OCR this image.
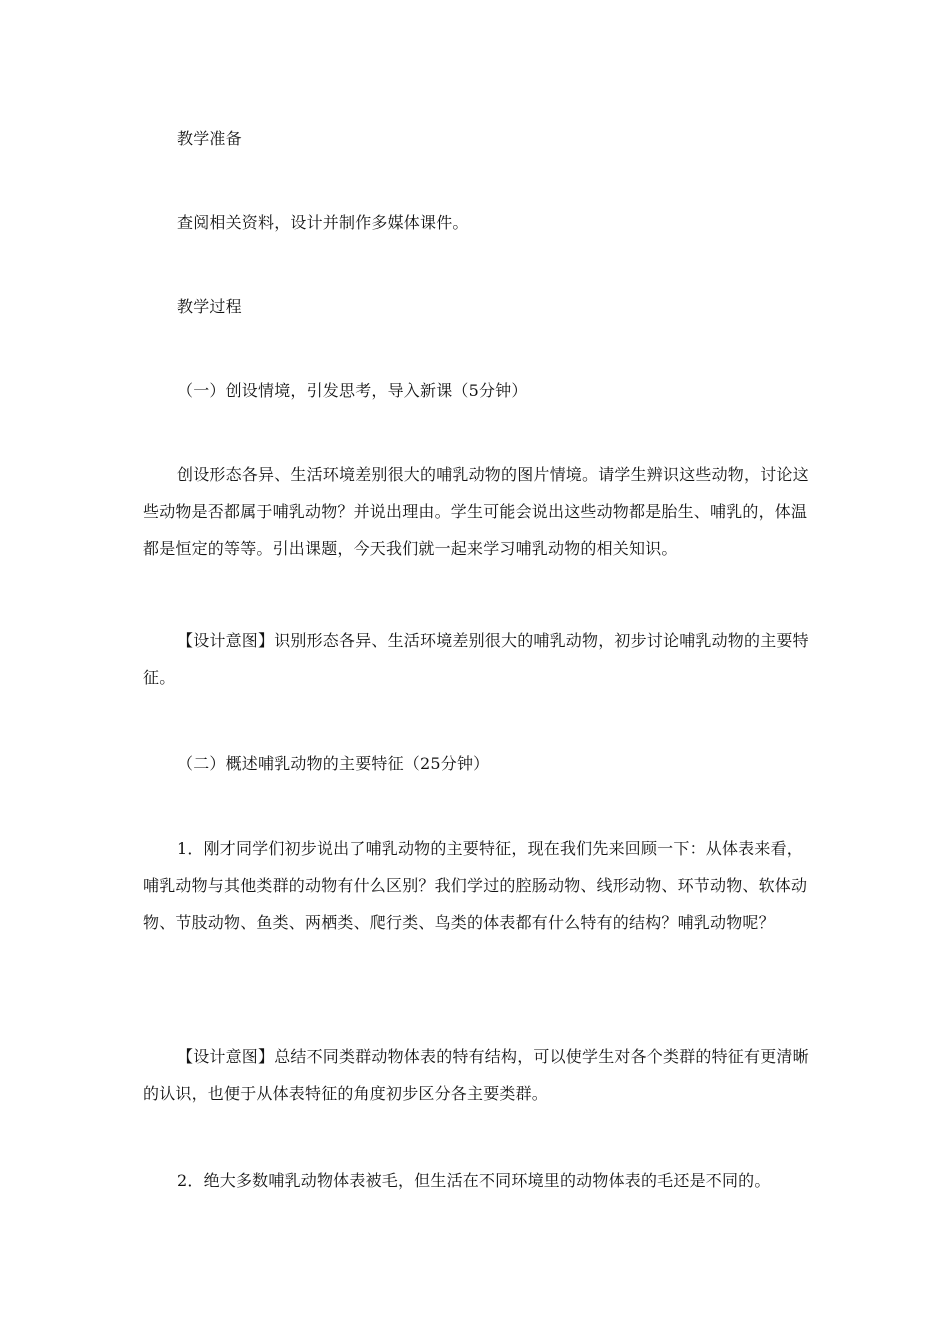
教学准备

查阅相关资料，设计并制作多媒体课件。

教学过程

（一）创设情境，引发思考，导入新课（5分钟）

创设形态各异、生活环境差别很大的哺乳动物的图片情境。请学生辨识这些动物，讨论这些动物是否都属于哺乳动物？并说出理由。学生可能会说出这些动物都是胎生、哺乳的，体温都是恒定的等等。引出课题，今天我们就一起来学习哺乳动物的相关知识。

【设计意图】识别形态各异、生活环境差别很大的哺乳动物，初步讨论哺乳动物的主要特征。

（二）概述哺乳动物的主要特征（25分钟）

1．刚才同学们初步说出了哺乳动物的主要特征，现在我们先来回顾一下：从体表来看，哺乳动物与其他类群的动物有什么区别？我们学过的腔肠动物、线形动物、环节动物、软体动物、节肢动物、鱼类、两栖类、爬行类、鸟类的体表都有什么特有的结构？哺乳动物呢？

【设计意图】总结不同类群动物体表的特有结构，可以使学生对各个类群的特征有更清晰的认识，也便于从体表特征的角度初步区分各主要类群。

2．绝大多数哺乳动物体表被毛，但生活在不同环境里的动物体表的毛还是不同的。
